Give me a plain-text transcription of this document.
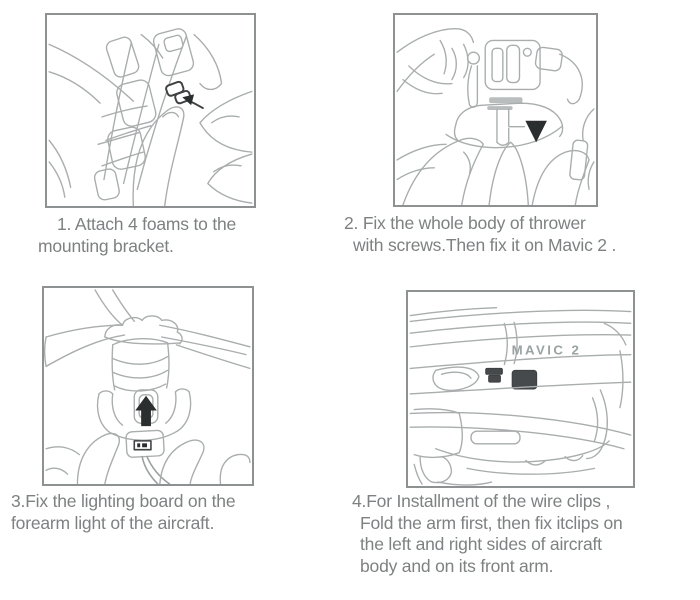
MAVIC 2
1. Attach 4 foams to the
mounting bracket.
2. Fix the whole body of thrower
with screws.Then fix it on Mavic 2 .
3.Fix the lighting board on the
forearm light of the aircraft.
4.For Installment of the wire clips ,
Fold the arm first, then fix itclips on
the left and right sides of aircraft
body and on its front arm.
